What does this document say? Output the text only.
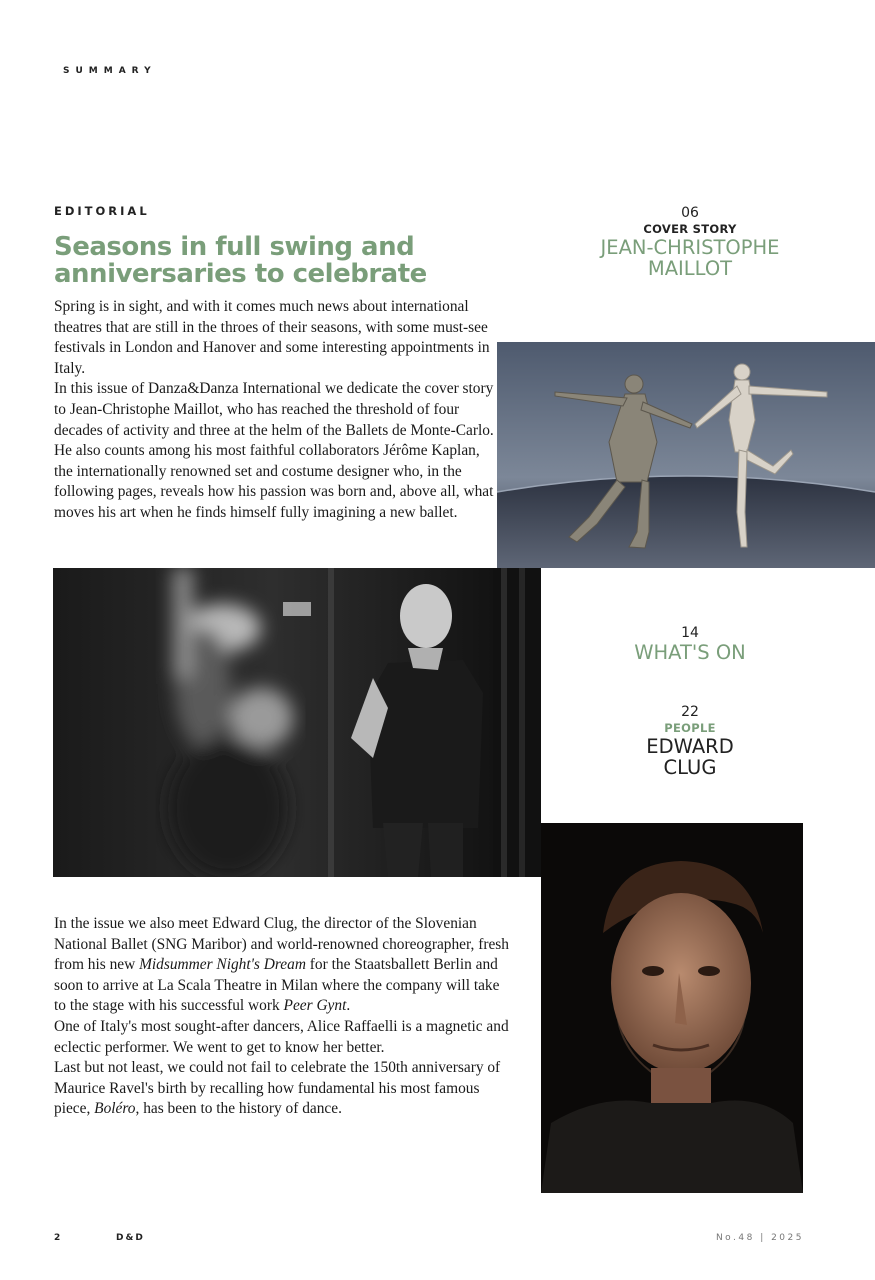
SUMMARY
EDITORIAL
Seasons in full swing and
anniversaries to celebrate

Spring is in sight, and with it comes much news about international theatres that are still in the throes of their seasons, with some must-see festivals in London and Hanover and some interesting appointments in Italy.

In this issue of Danza&Danza International we dedicate the cover story to Jean-Christophe Maillot, who has reached the threshold of four decades of activity and three at the helm of the Ballets de Monte-Carlo. He also counts among his most faithful collaborators Jérôme Kaplan, the internationally renowned set and costume designer who, in the following pages, reveals how his passion was born and, above all, what moves his art when he finds himself fully imagining a new ballet.

06
COVER STORY
JEAN-CHRISTOPHE
MAILLOT
14
WHAT'S ON
22
PEOPLE
EDWARD
CLUG

In the issue we also meet Edward Clug, the director of the Slovenian National Ballet (SNG Maribor) and world-renowned choreographer, fresh from his new Midsummer Night's Dream for the Staatsballett Berlin and soon to arrive at La Scala Theatre in Milan where the company will take to the stage with his successful work Peer Gynt.

One of Italy's most sought-after dancers, Alice Raffaelli is a magnetic and eclectic performer. We went to get to know her better.

Last but not least, we could not fail to celebrate the 150th anniversary of Maurice Ravel's birth by recalling how fundamental his most famous piece, Boléro, has been to the history of dance.

2	D&D	No.48 | 2025
